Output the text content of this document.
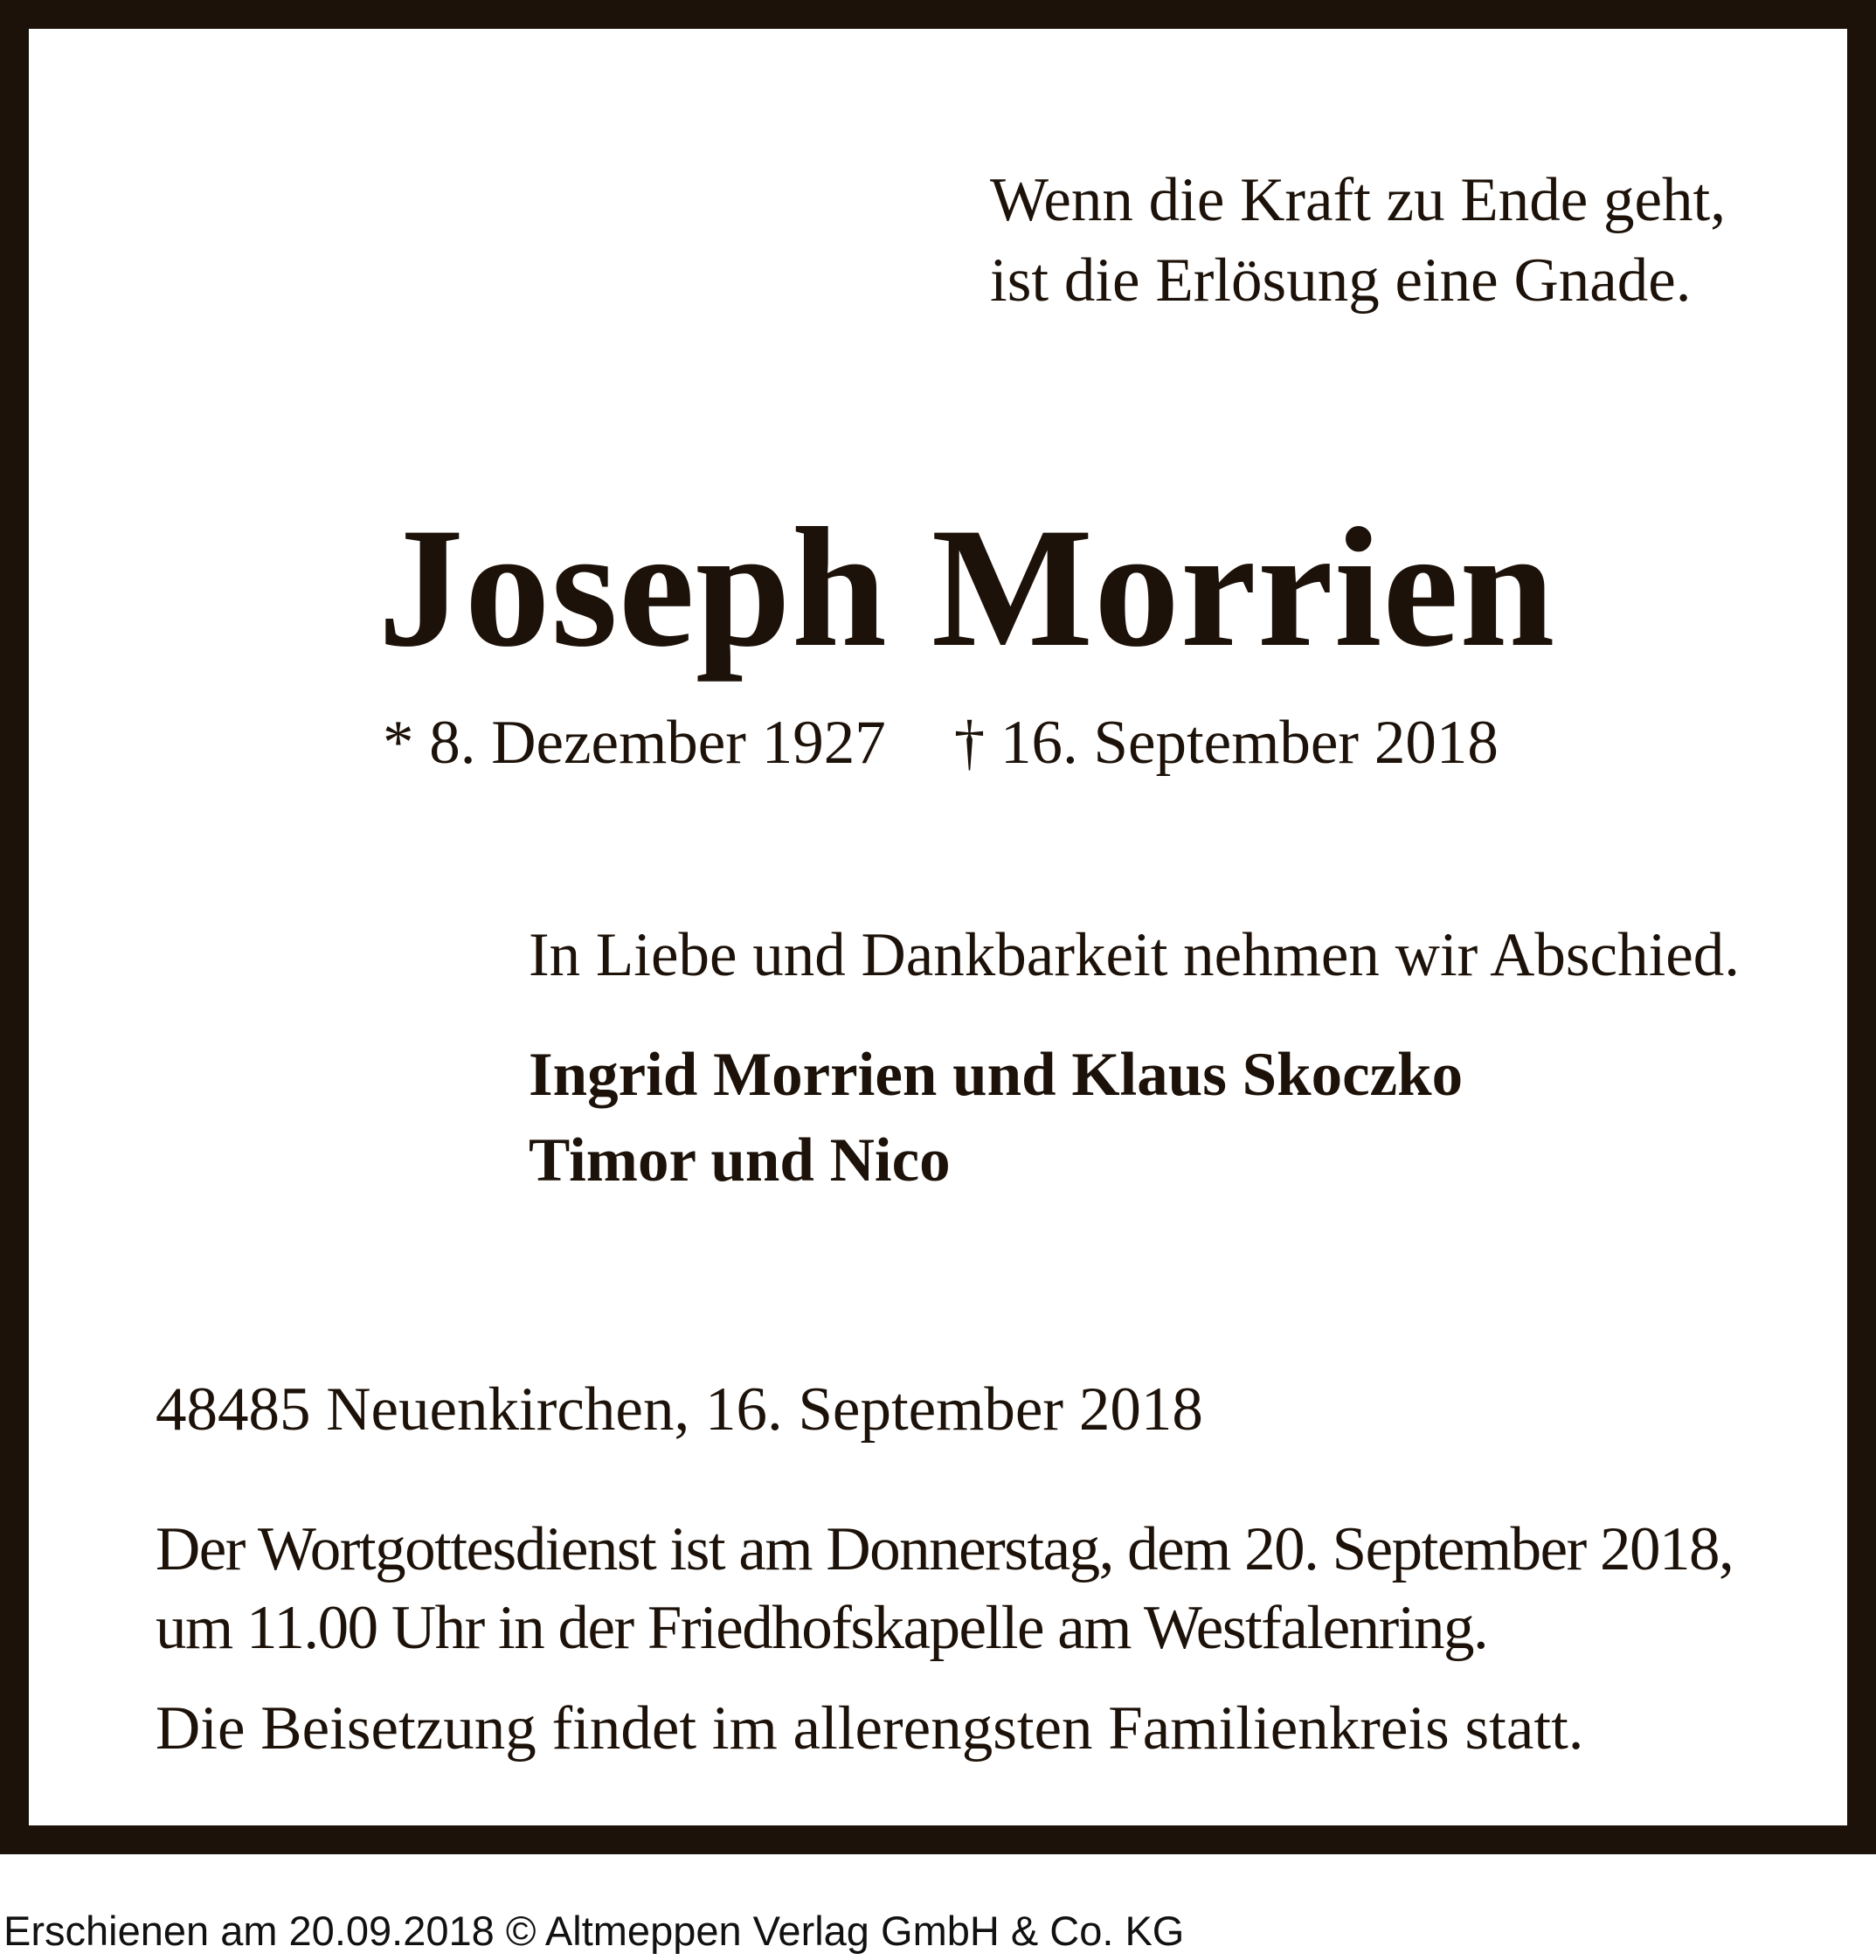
Wenn die Kraft zu Ende geht,
ist die Erlösung eine Gnade.
Joseph Morrien
* 8. Dezember 1927 † 16. September 2018
In Liebe und Dankbarkeit nehmen wir Abschied.
Ingrid Morrien und Klaus Skoczko
Timor und Nico
48485 Neuenkirchen, 16. September 2018
Der Wortgottesdienst ist am Donnerstag, dem 20. September 2018,
um 11.00 Uhr in der Friedhofskapelle am Westfalenring.
Die Beisetzung findet im allerengsten Familienkreis statt.
Erschienen am 20.09.2018 © Altmeppen Verlag GmbH & Co. KG
